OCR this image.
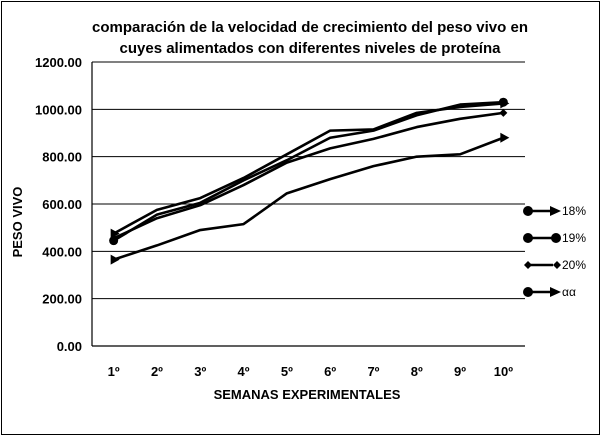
comparación de la velocidad de crecimiento del peso vivo en
cuyes alimentados con diferentes niveles de proteína
0.00
200.00
400.00
600.00
800.00
1000.00
1200.00
1º 2º 3º 4º 5º 6º 7º 8º 9º 10º
PESO VIVO
SEMANAS EXPERIMENTALES
18%
19%
20%
αα
